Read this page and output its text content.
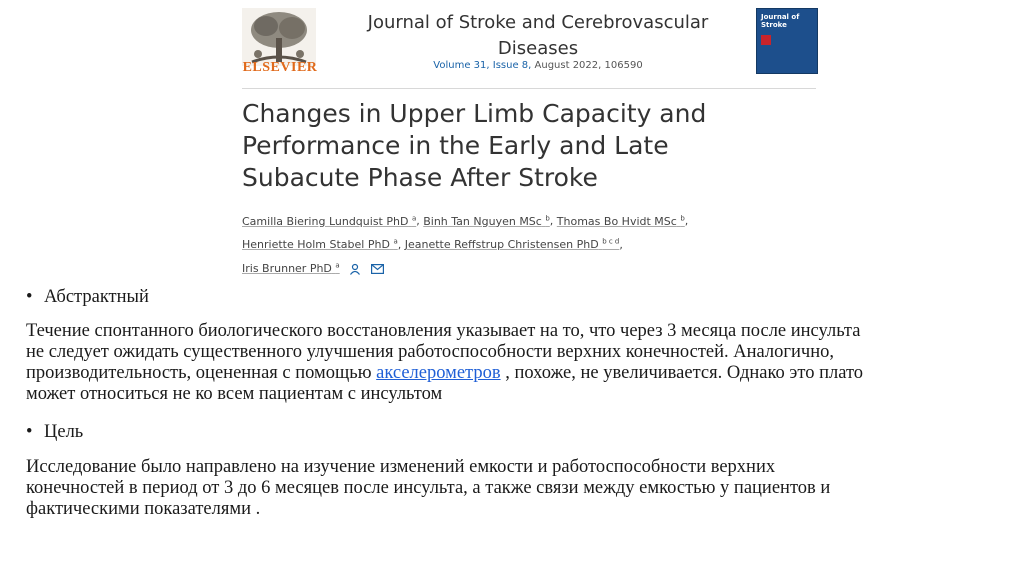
ELSEVIER
Journal of Stroke and Cerebrovascular
Diseases
Volume 31, Issue 8, August 2022, 106590
Journal of Stroke
Changes in Upper Limb Capacity and
Performance in the Early and Late
Subacute Phase After Stroke
Camilla Biering Lundquist PhD $^a$, Binh Tan Nguyen MSc $^b$, Thomas Bo Hvidt MSc $^b$,
Henriette Holm Stabel PhD $^a$, Jeanette Reffstrup Christensen PhD $^{b c d}$,
Iris Brunner PhD $^a$
• Абстрактный
Течение спонтанного биологического восстановления указывает на то, что через 3 месяца после инсульта
не следует ожидать существенного улучшения работоспособности верхних конечностей. Аналогично,
производительность, оцененная с помощью акселерометров , похоже, не увеличивается. Однако это плато
может относиться не ко всем пациентам с инсультом
• Цель
Исследование было направлено на изучение изменений емкости и работоспособности верхних
конечностей в период от 3 до 6 месяцев после инсульта, а также связи между емкостью у пациентов и
фактическими показателями .
